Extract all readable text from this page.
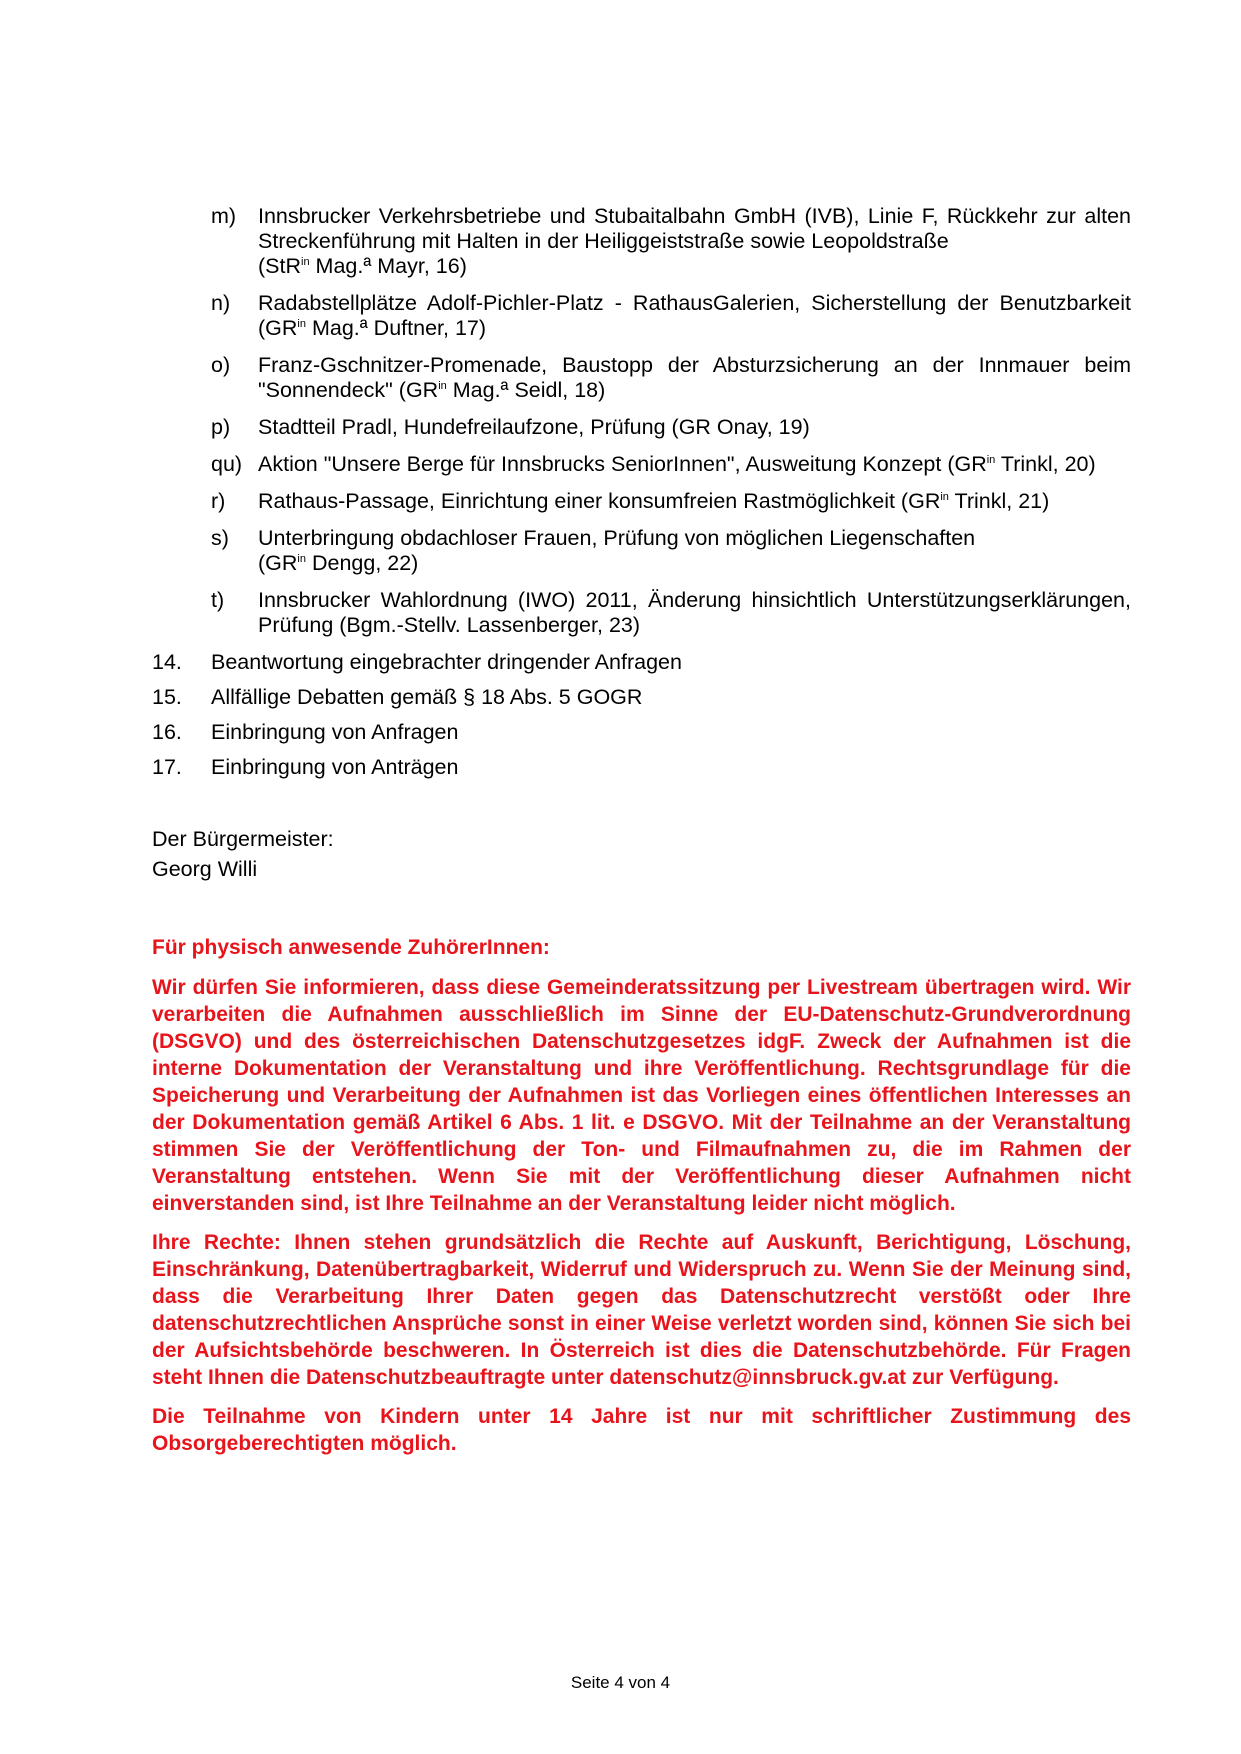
m)	Innsbrucker Verkehrsbetriebe und Stubaitalbahn GmbH (IVB), Linie F, Rückkehr zur alten Streckenführung mit Halten in der Heiliggeiststraße sowie Leopoldstraße
(StR$^{in}$ Mag.ª Mayr, 16)
n)	Radabstellplätze Adolf-Pichler-Platz - RathausGalerien, Sicherstellung der Benutzbarkeit ($GR^{in}$ Mag.ª Duftner, 17)
o)	Franz-Gschnitzer-Promenade, Baustopp der Absturzsicherung an der Innmauer beim "Sonnendeck" ($GR^{in}$ Mag.ª Seidl, 18)
p)	Stadtteil Pradl, Hundefreilaufzone, Prüfung (GR Onay, 19)
qu) Aktion "Unsere Berge für Innsbrucks SeniorInnen", Ausweitung Konzept ($GR^{in}$ Trinkl, 20)
r)	Rathaus-Passage, Einrichtung einer konsumfreien Rastmöglichkeit ($GR^{in}$ Trinkl, 21)
s)	Unterbringung obdachloser Frauen, Prüfung von möglichen Liegenschaften
($GR^{in}$ Dengg, 22)
t)	Innsbrucker Wahlordnung (IWO) 2011, Änderung hinsichtlich Unterstützungserklärungen, Prüfung (Bgm.-Stellv. Lassenberger, 23)
14.	Beantwortung eingebrachter dringender Anfragen
15.	Allfällige Debatten gemäß § 18 Abs. 5 GOGR
16.	Einbringung von Anfragen
17.	Einbringung von Anträgen
Der Bürgermeister:
Georg Willi

Für physisch anwesende ZuhörerInnen:

Wir dürfen Sie informieren, dass diese Gemeinderatssitzung per Livestream übertragen wird. Wir verarbeiten die Aufnahmen ausschließlich im Sinne der EU-Datenschutz-Grundverordnung (DSGVO) und des österreichischen Datenschutzgesetzes idgF. Zweck der Aufnahmen ist die interne Dokumentation der Veranstaltung und ihre Veröffentlichung. Rechtsgrundlage für die Speicherung und Verarbeitung der Aufnahmen ist das Vorliegen eines öffentlichen Interesses an der Dokumentation gemäß Artikel 6 Abs. 1 lit. e DSGVO. Mit der Teilnahme an der Veranstaltung stimmen Sie der Veröffentlichung der Ton- und Filmaufnahmen zu, die im Rahmen der Veranstaltung entstehen. Wenn Sie mit der Veröffentlichung dieser Aufnahmen nicht einverstanden sind, ist Ihre Teilnahme an der Veranstaltung leider nicht möglich.

Ihre Rechte: Ihnen stehen grundsätzlich die Rechte auf Auskunft, Berichtigung, Löschung, Einschränkung, Datenübertragbarkeit, Widerruf und Widerspruch zu. Wenn Sie der Meinung sind, dass die Verarbeitung Ihrer Daten gegen das Datenschutzrecht verstößt oder Ihre datenschutzrechtlichen Ansprüche sonst in einer Weise verletzt worden sind, können Sie sich bei der Aufsichtsbehörde beschweren. In Österreich ist dies die Datenschutzbehörde. Für Fragen steht Ihnen die Datenschutzbeauftragte unter datenschutz@innsbruck.gv.at zur Verfügung.

Die Teilnahme von Kindern unter 14 Jahre ist nur mit schriftlicher Zustimmung des Obsorgeberechtigten möglich.

Seite 4 von 4
